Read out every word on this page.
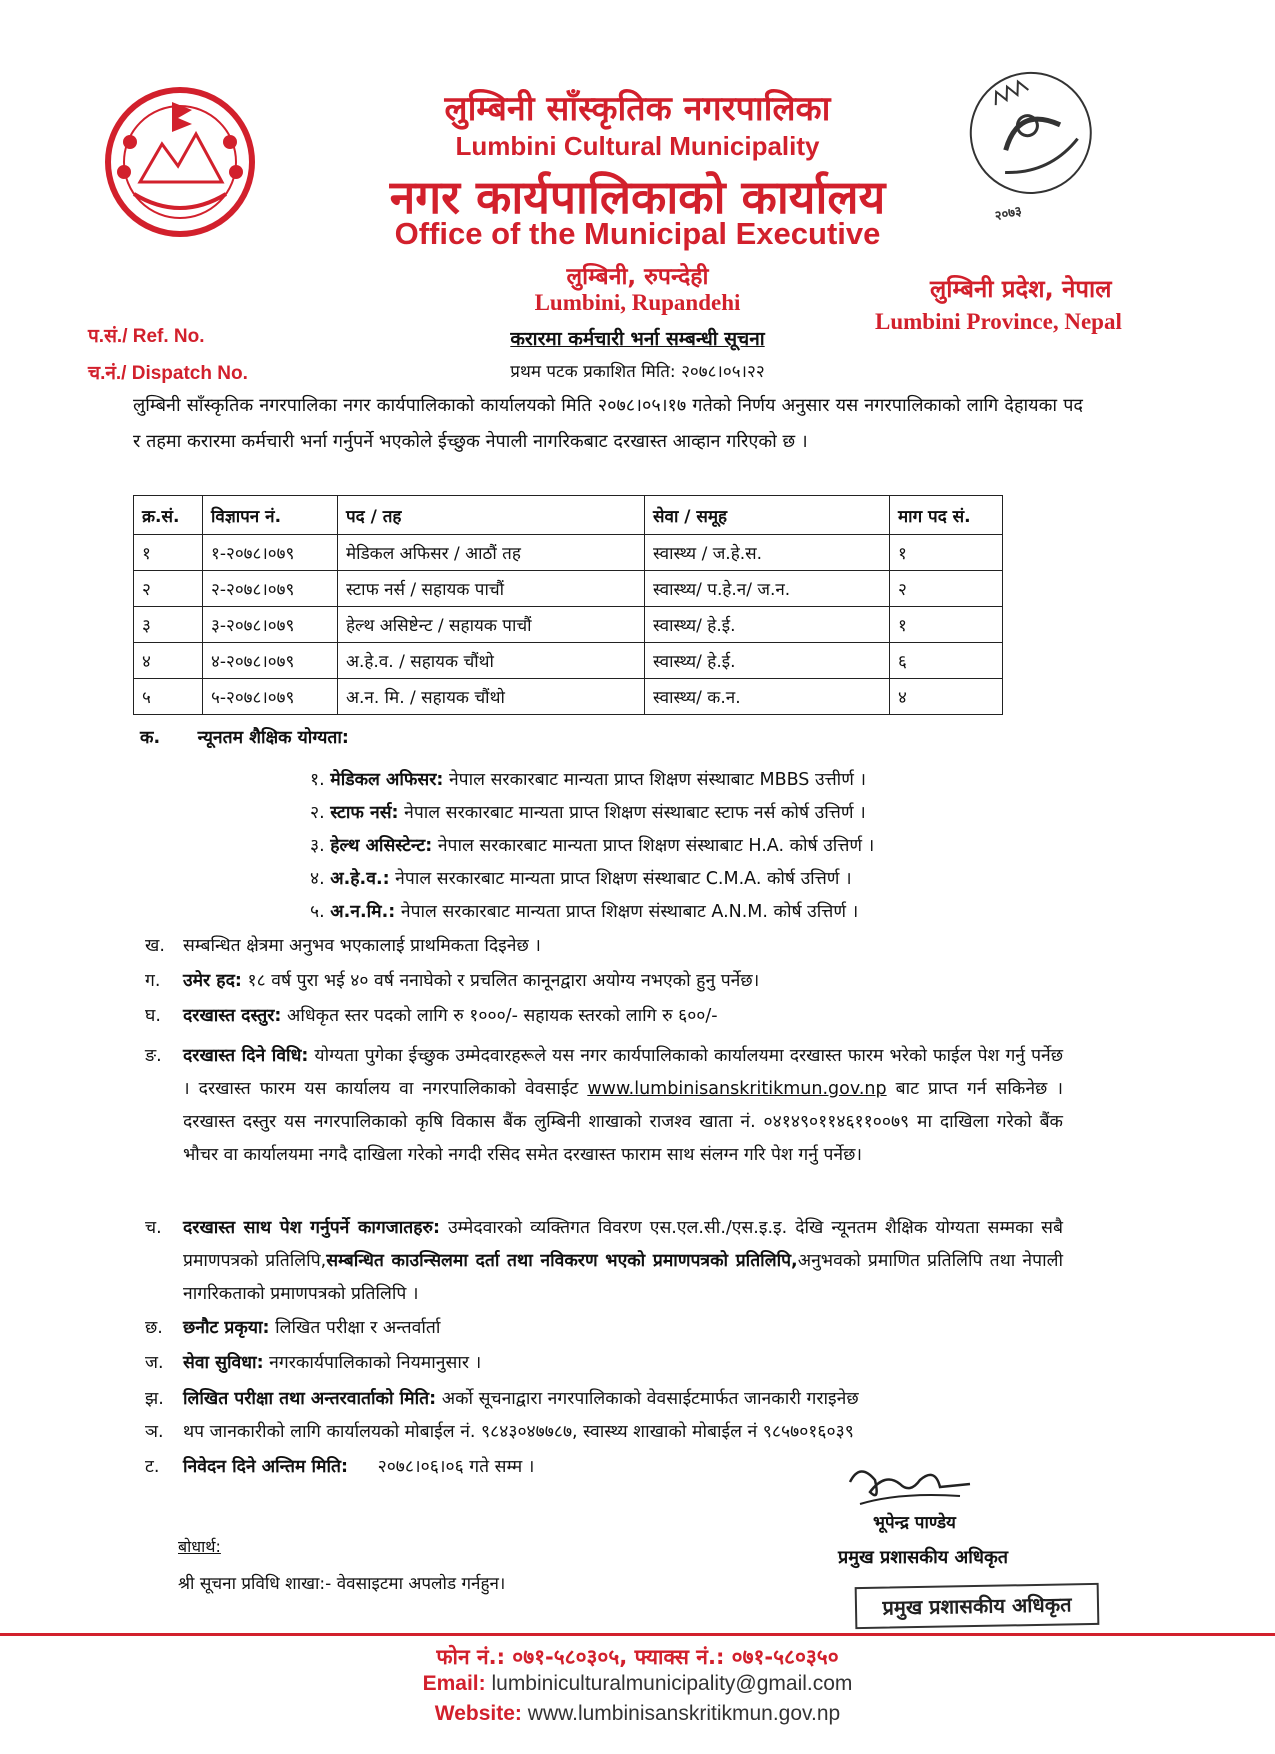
२०७३
लुम्बिनी साँस्कृतिक नगरपालिका
Lumbini Cultural Municipality
नगर कार्यपालिकाको कार्यालय
Office of the Municipal Executive
लुम्बिनी, रुपन्देही
Lumbini, Rupandehi	लुम्बिनी प्रदेश, नेपाल
Lumbini Province, Nepal
प.सं./ Ref. No.
च.नं./ Dispatch No.
करारमा कर्मचारी भर्ना सम्बन्धी सूचना
प्रथम पटक प्रकाशित मिति: २०७८।०५।२२
लुम्बिनी साँस्कृतिक नगरपालिका नगर कार्यपालिकाको कार्यालयको मिति २०७८।०५।१७ गतेको निर्णय अनुसार यस नगरपालिकाको लागि देहायका पद र तहमा करारमा कर्मचारी भर्ना गर्नुपर्ने भएकोले ईच्छुक नेपाली नागरिकबाट दरखास्त आव्हान गरिएको छ ।
क्र.सं.	विज्ञापन नं.	पद / तह	सेवा / समूह	माग पद सं.
१	१-२०७८।०७९	मेडिकल अफिसर / आठौं तह	स्वास्थ्य / ज.हे.स.	१
२	२-२०७८।०७९	स्टाफ नर्स / सहायक पाचौं	स्वास्थ्य/ प.हे.न/ ज.न.	२
३	३-२०७८।०७९	हेल्थ असिष्टेन्ट / सहायक पाचौं	स्वास्थ्य/ हे.ई.	१
४	४-२०७८।०७९	अ.हे.व. / सहायक चौंथो	स्वास्थ्य/ हे.ई.	६
५	५-२०७८।०७९	अ.न. मि. / सहायक चौंथो	स्वास्थ्य/ क.न.	४
क. न्यूनतम शैक्षिक योग्यता:
१. मेडिकल अफिसर: नेपाल सरकारबाट मान्यता प्राप्त शिक्षण संस्थाबाट MBBS उत्तीर्ण ।
२. स्टाफ नर्स: नेपाल सरकारबाट मान्यता प्राप्त शिक्षण संस्थाबाट स्टाफ नर्स कोर्ष उत्तिर्ण ।
३. हेल्थ असिस्टेन्ट: नेपाल सरकारबाट मान्यता प्राप्त शिक्षण संस्थाबाट H.A. कोर्ष उत्तिर्ण ।
४. अ.हे.व.: नेपाल सरकारबाट मान्यता प्राप्त शिक्षण संस्थाबाट C.M.A. कोर्ष उत्तिर्ण ।
५. अ.न.मि.: नेपाल सरकारबाट मान्यता प्राप्त शिक्षण संस्थाबाट A.N.M. कोर्ष उत्तिर्ण ।
ख. सम्बन्धित क्षेत्रमा अनुभव भएकालाई प्राथमिकता दिइनेछ ।
ग. उमेर हद: १८ वर्ष पुरा भई ४० वर्ष ननाघेको र प्रचलित कानूनद्वारा अयोग्य नभएको हुनु पर्नेछ।
घ. दरखास्त दस्तुर: अधिकृत स्तर पदको लागि रु १०००/- सहायक स्तरको लागि रु ६००/-
ङ. दरखास्त दिने विधि: योग्यता पुगेका ईच्छुक उम्मेदवारहरूले यस नगर कार्यपालिकाको कार्यालयमा दरखास्त फारम भरेको फाईल पेश गर्नु पर्नेछ । दरखास्त फारम यस कार्यालय वा नगरपालिकाको वेवसाईट www.lumbinisanskritikmun.gov.np बाट प्राप्त गर्न सकिनेछ । दरखास्त दस्तुर यस नगरपालिकाको कृषि विकास बैंक लुम्बिनी शाखाको राजश्व खाता नं. ०४१४९०११४६११००७९ मा दाखिला गरेको बैंक भौचर वा कार्यालयमा नगदै दाखिला गरेको नगदी रसिद समेत दरखास्त फाराम साथ संलग्न गरि पेश गर्नु पर्नेछ।
च. दरखास्त साथ पेश गर्नुपर्ने कागजातहरु: उम्मेदवारको व्यक्तिगत विवरण एस.एल.सी./एस.इ.इ. देखि न्यूनतम शैक्षिक योग्यता सम्मका सबै प्रमाणपत्रको प्रतिलिपि,सम्बन्धित काउन्सिलमा दर्ता तथा नविकरण भएको प्रमाणपत्रको प्रतिलिपि,अनुभवको प्रमाणित प्रतिलिपि तथा नेपाली नागरिकताको प्रमाणपत्रको प्रतिलिपि ।
छ. छनौट प्रकृया: लिखित परीक्षा र अन्तर्वार्ता
ज. सेवा सुविधा: नगरकार्यपालिकाको नियमानुसार ।
झ. लिखित परीक्षा तथा अन्तरवार्ताको मिति: अर्को सूचनाद्वारा नगरपालिकाको वेवसाईटमार्फत जानकारी गराइनेछ
ञ. थप जानकारीको लागि कार्यालयको मोबाईल नं. ९८४३०४७७८७, स्वास्थ्य शाखाको मोबाईल नं ९८५७०१६०३९
ट. निवेदन दिने अन्तिम मिति: २०७८।०६।०६ गते सम्म ।
भूपेन्द्र पाण्डेय
प्रमुख प्रशासकीय अधिकृत
प्रमुख प्रशासकीय अधिकृत
बोधार्थ:
श्री सूचना प्रविधि शाखा:- वेवसाइटमा अपलोड गर्नहुन।
फोन नं.: ०७१-५८०३०५, फ्याक्स नं.: ०७१-५८०३५०
Email: lumbiniculturalmunicipality@gmail.com
Website: www.lumbinisanskritikmun.gov.np
